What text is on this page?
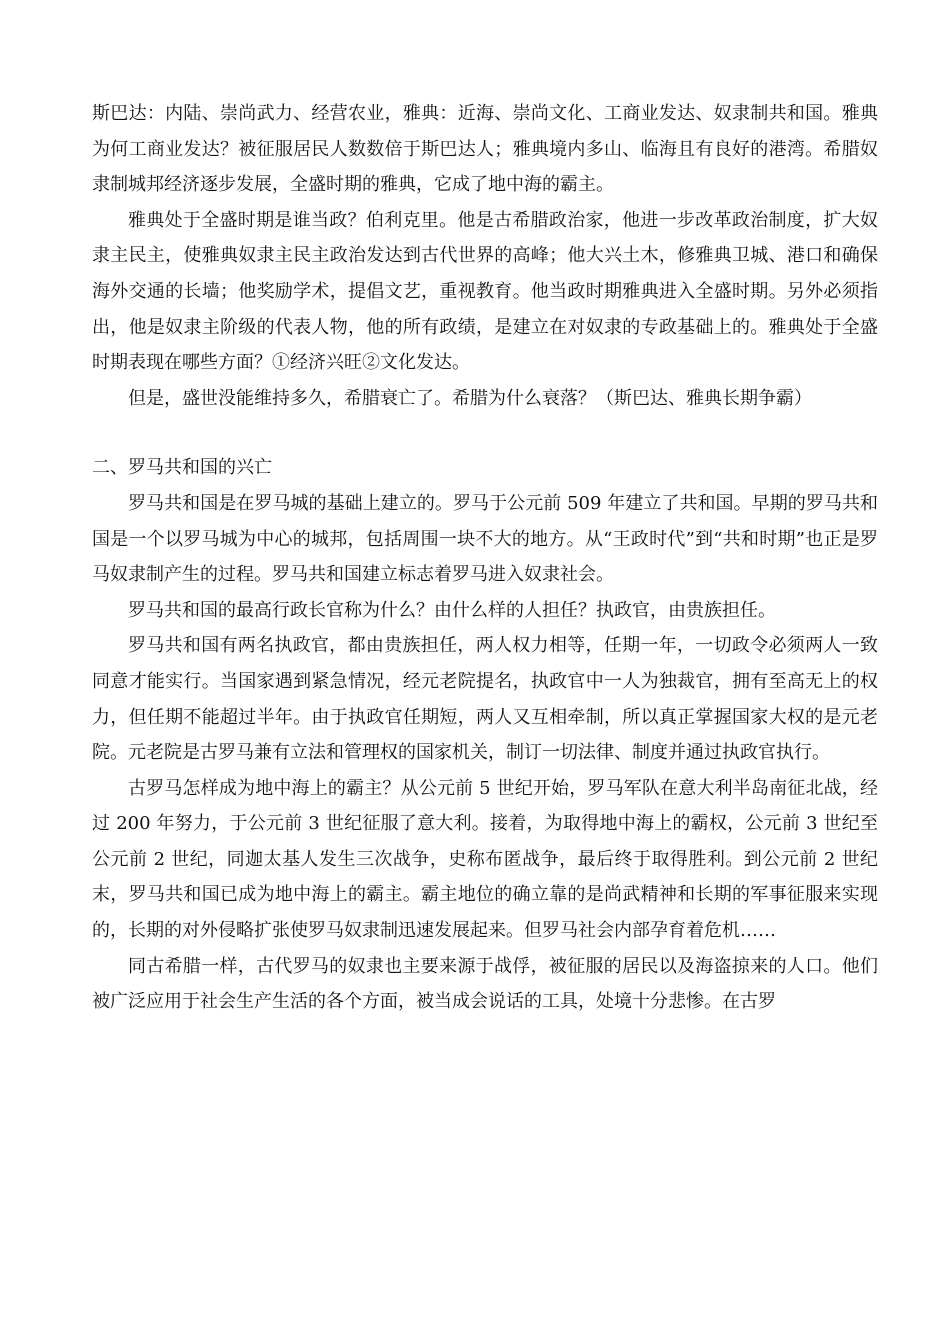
斯巴达：内陆、崇尚武力、经营农业，雅典：近海、崇尚文化、工商业发达、奴隶制共和国。雅典为何工商业发达？被征服居民人数数倍于斯巴达人；雅典境内多山、临海且有良好的港湾。希腊奴隶制城邦经济逐步发展，全盛时期的雅典，它成了地中海的霸主。

雅典处于全盛时期是谁当政？伯利克里。他是古希腊政治家，他进一步改革政治制度，扩大奴隶主民主，使雅典奴隶主民主政治发达到古代世界的高峰；他大兴土木，修雅典卫城、港口和确保海外交通的长墙；他奖励学术，提倡文艺，重视教育。他当政时期雅典进入全盛时期。另外必须指出，他是奴隶主阶级的代表人物，他的所有政绩，是建立在对奴隶的专政基础上的。雅典处于全盛时期表现在哪些方面？①经济兴旺②文化发达。

但是，盛世没能维持多久，希腊衰亡了。希腊为什么衰落？（斯巴达、雅典长期争霸）

二、罗马共和国的兴亡

罗马共和国是在罗马城的基础上建立的。罗马于公元前 509 年建立了共和国。早期的罗马共和国是一个以罗马城为中心的城邦，包括周围一块不大的地方。从“王政时代”到“共和时期”也正是罗马奴隶制产生的过程。罗马共和国建立标志着罗马进入奴隶社会。

罗马共和国的最高行政长官称为什么？由什么样的人担任？执政官，由贵族担任。

罗马共和国有两名执政官，都由贵族担任，两人权力相等，任期一年，一切政令必须两人一致同意才能实行。当国家遇到紧急情况，经元老院提名，执政官中一人为独裁官，拥有至高无上的权力，但任期不能超过半年。由于执政官任期短，两人又互相牵制，所以真正掌握国家大权的是元老院。元老院是古罗马兼有立法和管理权的国家机关，制订一切法律、制度并通过执政官执行。

古罗马怎样成为地中海上的霸主？从公元前 5 世纪开始，罗马军队在意大利半岛南征北战，经过 200 年努力，于公元前 3 世纪征服了意大利。接着，为取得地中海上的霸权，公元前 3 世纪至公元前 2 世纪，同迦太基人发生三次战争，史称布匿战争，最后终于取得胜利。到公元前 2 世纪末，罗马共和国已成为地中海上的霸主。霸主地位的确立靠的是尚武精神和长期的军事征服来实现的，长期的对外侵略扩张使罗马奴隶制迅速发展起来。但罗马社会内部孕育着危机……

同古希腊一样，古代罗马的奴隶也主要来源于战俘，被征服的居民以及海盗掠来的人口。他们被广泛应用于社会生产生活的各个方面，被当成会说话的工具，处境十分悲惨。在古罗
